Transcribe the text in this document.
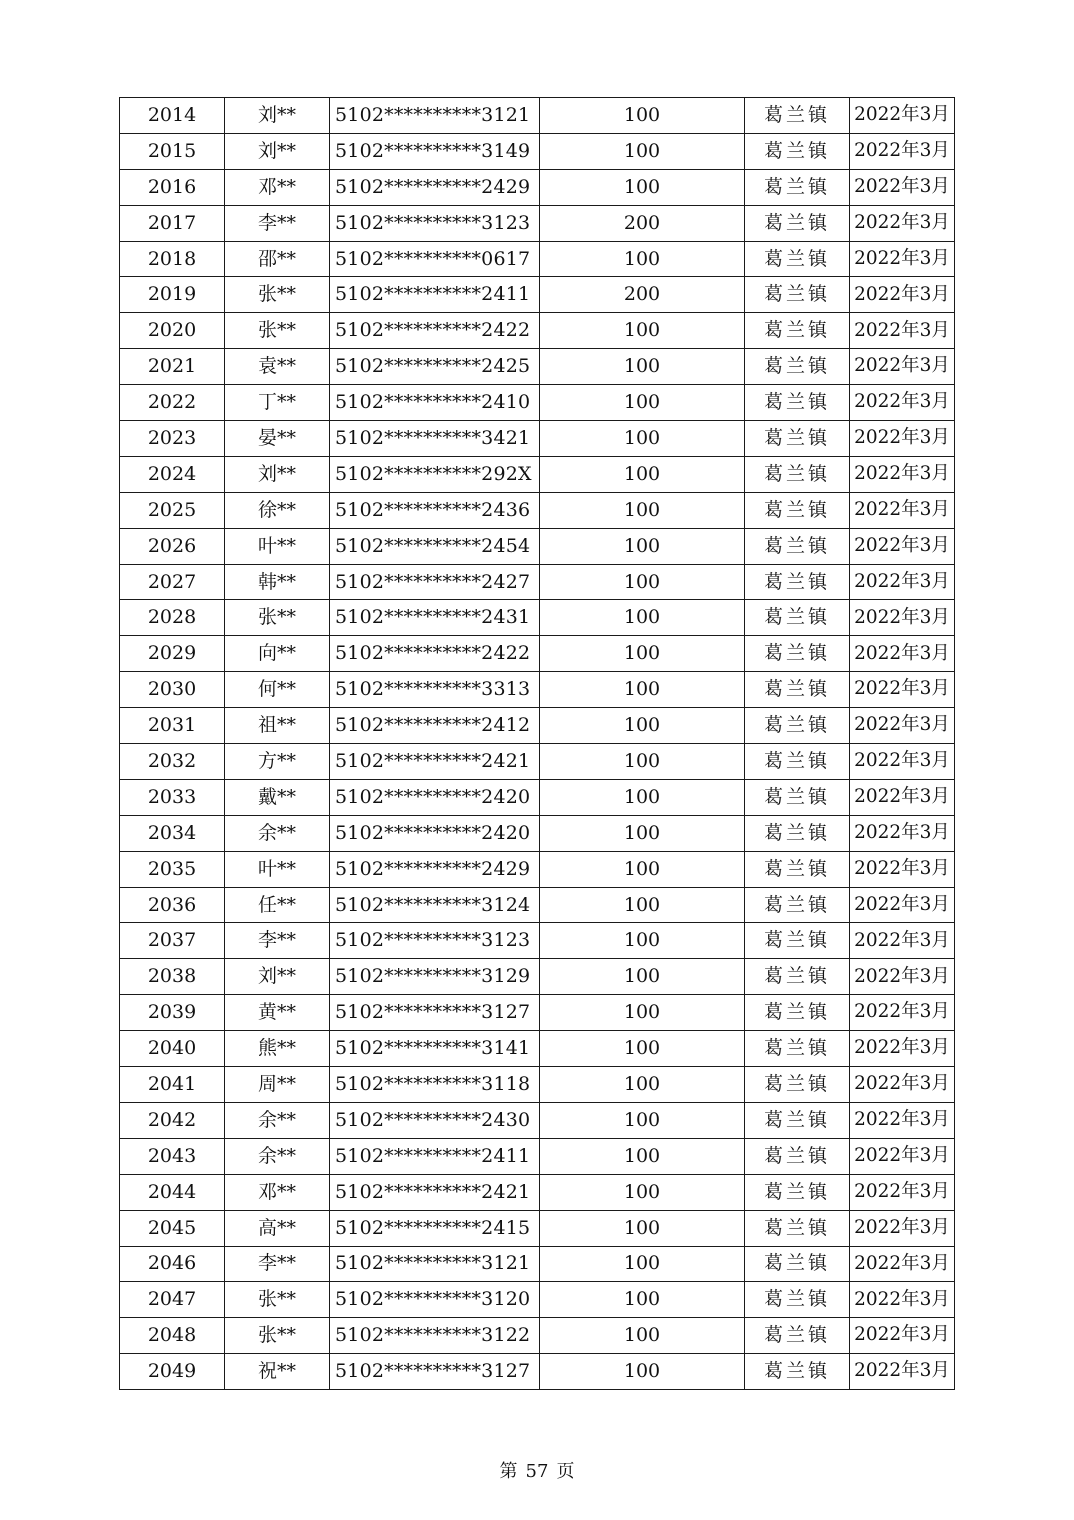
2014	刘**	5102**********3121	100	葛兰镇	2022年3月
2015	刘**	5102**********3149	100	葛兰镇	2022年3月
2016	邓**	5102**********2429	100	葛兰镇	2022年3月
2017	李**	5102**********3123	200	葛兰镇	2022年3月
2018	邵**	5102**********0617	100	葛兰镇	2022年3月
2019	张**	5102**********2411	200	葛兰镇	2022年3月
2020	张**	5102**********2422	100	葛兰镇	2022年3月
2021	袁**	5102**********2425	100	葛兰镇	2022年3月
2022	丁**	5102**********2410	100	葛兰镇	2022年3月
2023	晏**	5102**********3421	100	葛兰镇	2022年3月
2024	刘**	5102**********292X	100	葛兰镇	2022年3月
2025	徐**	5102**********2436	100	葛兰镇	2022年3月
2026	叶**	5102**********2454	100	葛兰镇	2022年3月
2027	韩**	5102**********2427	100	葛兰镇	2022年3月
2028	张**	5102**********2431	100	葛兰镇	2022年3月
2029	向**	5102**********2422	100	葛兰镇	2022年3月
2030	何**	5102**********3313	100	葛兰镇	2022年3月
2031	祖**	5102**********2412	100	葛兰镇	2022年3月
2032	方**	5102**********2421	100	葛兰镇	2022年3月
2033	戴**	5102**********2420	100	葛兰镇	2022年3月
2034	余**	5102**********2420	100	葛兰镇	2022年3月
2035	叶**	5102**********2429	100	葛兰镇	2022年3月
2036	任**	5102**********3124	100	葛兰镇	2022年3月
2037	李**	5102**********3123	100	葛兰镇	2022年3月
2038	刘**	5102**********3129	100	葛兰镇	2022年3月
2039	黄**	5102**********3127	100	葛兰镇	2022年3月
2040	熊**	5102**********3141	100	葛兰镇	2022年3月
2041	周**	5102**********3118	100	葛兰镇	2022年3月
2042	余**	5102**********2430	100	葛兰镇	2022年3月
2043	余**	5102**********2411	100	葛兰镇	2022年3月
2044	邓**	5102**********2421	100	葛兰镇	2022年3月
2045	高**	5102**********2415	100	葛兰镇	2022年3月
2046	李**	5102**********3121	100	葛兰镇	2022年3月
2047	张**	5102**********3120	100	葛兰镇	2022年3月
2048	张**	5102**********3122	100	葛兰镇	2022年3月
2049	祝**	5102**********3127	100	葛兰镇	2022年3月
第 57 页
